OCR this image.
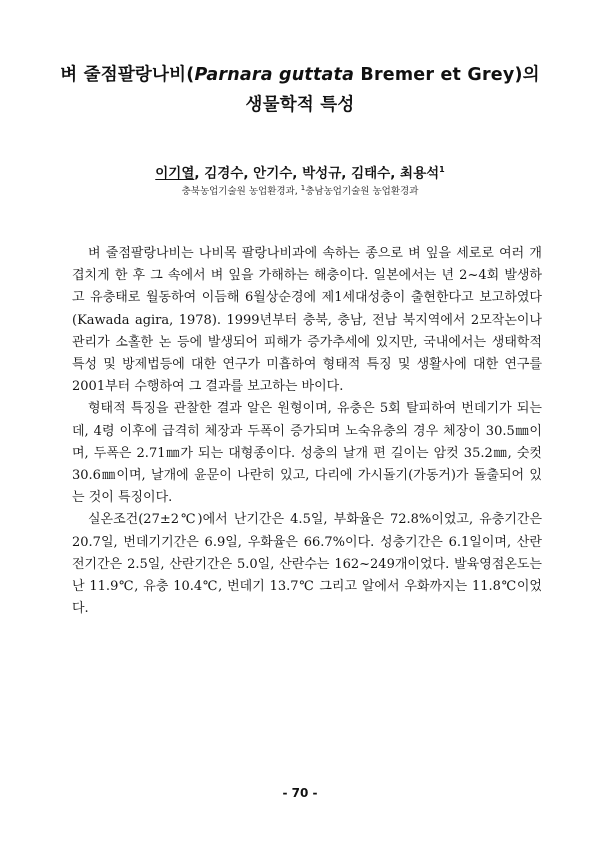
벼 줄점팔랑나비(Parnara guttata Bremer et Grey)의
생물학적 특성
이기열, 김경수, 안기수, 박성규, 김태수, 최용석$^1$
충북농업기술원 농업환경과, $^1$충남농업기술원 농업환경과

벼 줄점팔랑나비는 나비목 팔랑나비과에 속하는 종으로 벼 잎을 세로로 여러 개 겹치게 한 후 그 속에서 벼 잎을 가해하는 해충이다. 일본에서는 년 2~4회 발생하고 유충태로 월동하여 이듬해 6월상순경에 제1세대성충이 출현한다고 보고하였다(Kawada agira, 1978). 1999년부터 충북, 충남, 전남 북지역에서 2모작논이나 관리가 소홀한 논 등에 발생되어 피해가 증가추세에 있지만, 국내에서는 생태학적 특성 및 방제법등에 대한 연구가 미흡하여 형태적 특징 및 생활사에 대한 연구를 2001부터 수행하여 그 결과를 보고하는 바이다.

형태적 특징을 관찰한 결과 알은 원형이며, 유충은 5회 탈피하여 번데기가 되는데, 4령 이후에 급격히 체장과 두폭이 증가되며 노숙유충의 경우 체장이 30.5㎜이며, 두폭은 2.71㎜가 되는 대형종이다. 성충의 날개 편 길이는 암컷 35.2㎜, 숫컷 30.6㎜이며, 날개에 윤문이 나란히 있고, 다리에 가시돌기(가동거)가 돌출되어 있는 것이 특징이다.

실온조건(27±2℃)에서 난기간은 4.5일, 부화율은 72.8%이었고, 유충기간은 20.7일, 번데기기간은 6.9일, 우화율은 66.7%이다. 성충기간은 6.1일이며, 산란전기간은 2.5일, 산란기간은 5.0일, 산란수는 162~249개이었다. 발육영점온도는 난 11.9℃, 유충 10.4℃, 번데기 13.7℃ 그리고 알에서 우화까지는 11.8℃이었다.

- 70 -
